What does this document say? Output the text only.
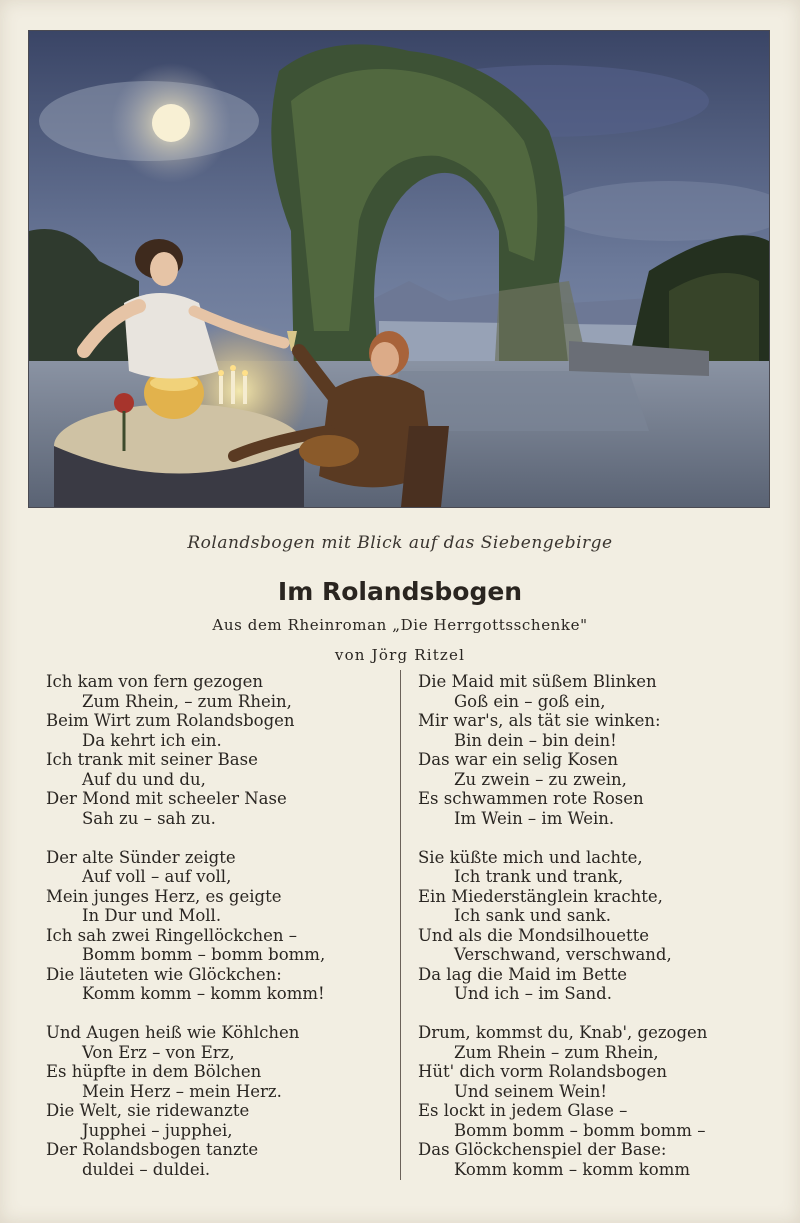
Rolandsbogen mit Blick auf das Siebengebirge
Im Rolandsbogen
Aus dem Rheinroman „Die Herrgottsschenke"
von Jörg Ritzel
Ich kam von fern gezogen
Zum Rhein, – zum Rhein,
Beim Wirt zum Rolandsbogen
Da kehrt ich ein.
Ich trank mit seiner Base
Auf du und du,
Der Mond mit scheeler Nase
Sah zu – sah zu.
Der alte Sünder zeigte
Auf voll – auf voll,
Mein junges Herz, es geigte
In Dur und Moll.
Ich sah zwei Ringellöckchen –
Bomm bomm – bomm bomm,
Die läuteten wie Glöckchen:
Komm komm – komm komm!
Und Augen heiß wie Köhlchen
Von Erz – von Erz,
Es hüpfte in dem Bölchen
Mein Herz – mein Herz.
Die Welt, sie ridewanzte
Jupphei – jupphei,
Der Rolandsbogen tanzte
duldei – duldei.
Die Maid mit süßem Blinken
Goß ein – goß ein,
Mir war's, als tät sie winken:
Bin dein – bin dein!
Das war ein selig Kosen
Zu zwein – zu zwein,
Es schwammen rote Rosen
Im Wein – im Wein.
Sie küßte mich und lachte,
Ich trank und trank,
Ein Miederstänglein krachte,
Ich sank und sank.
Und als die Mondsilhouette
Verschwand, verschwand,
Da lag die Maid im Bette
Und ich – im Sand.
Drum, kommst du, Knab', gezogen
Zum Rhein – zum Rhein,
Hüt' dich vorm Rolandsbogen
Und seinem Wein!
Es lockt in jedem Glase –
Bomm bomm – bomm bomm –
Das Glöckchenspiel der Base:
Komm komm – komm komm
